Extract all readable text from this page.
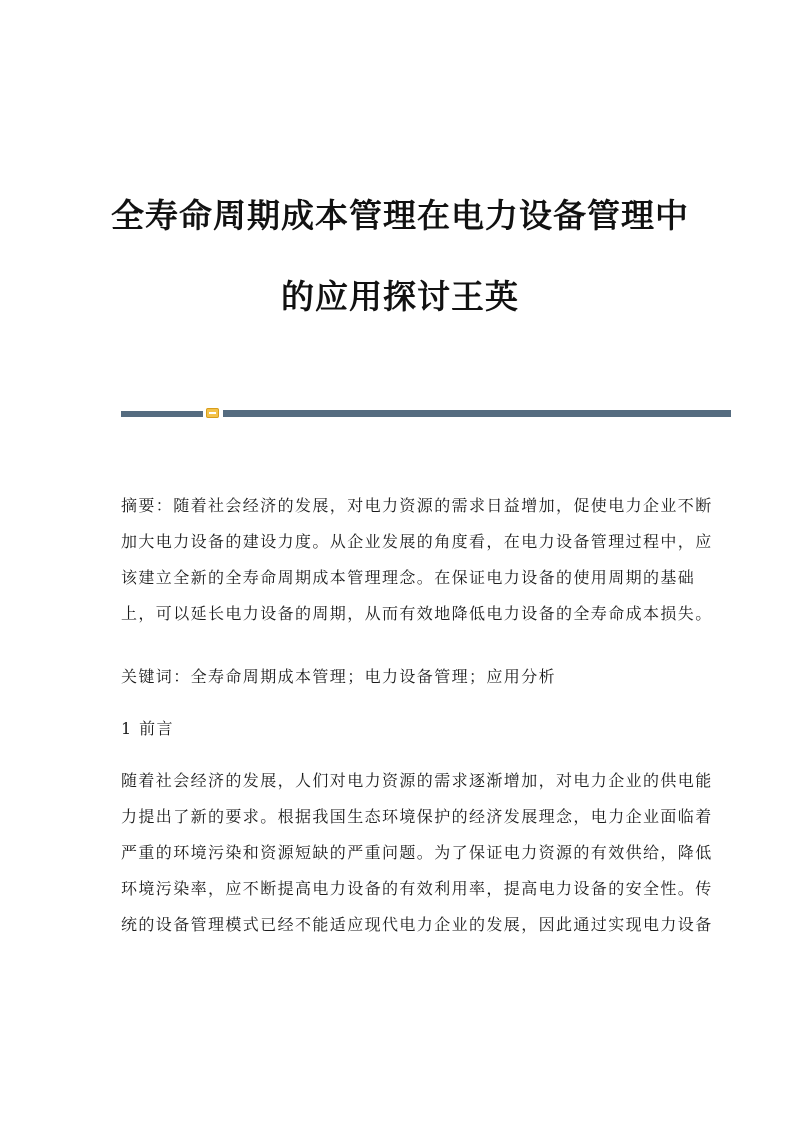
全寿命周期成本管理在电力设备管理中
的应用探讨王英
摘要：随着社会经济的发展，对电力资源的需求日益增加，促使电力企业不断
加大电力设备的建设力度。从企业发展的角度看，在电力设备管理过程中，应
该建立全新的全寿命周期成本管理理念。在保证电力设备的使用周期的基础
上，可以延长电力设备的周期，从而有效地降低电力设备的全寿命成本损失。
关键词：全寿命周期成本管理；电力设备管理；应用分析
1 前言
随着社会经济的发展，人们对电力资源的需求逐渐增加，对电力企业的供电能
力提出了新的要求。根据我国生态环境保护的经济发展理念，电力企业面临着
严重的环境污染和资源短缺的严重问题。为了保证电力资源的有效供给，降低
环境污染率，应不断提高电力设备的有效利用率，提高电力设备的安全性。传
统的设备管理模式已经不能适应现代电力企业的发展，因此通过实现电力设备
